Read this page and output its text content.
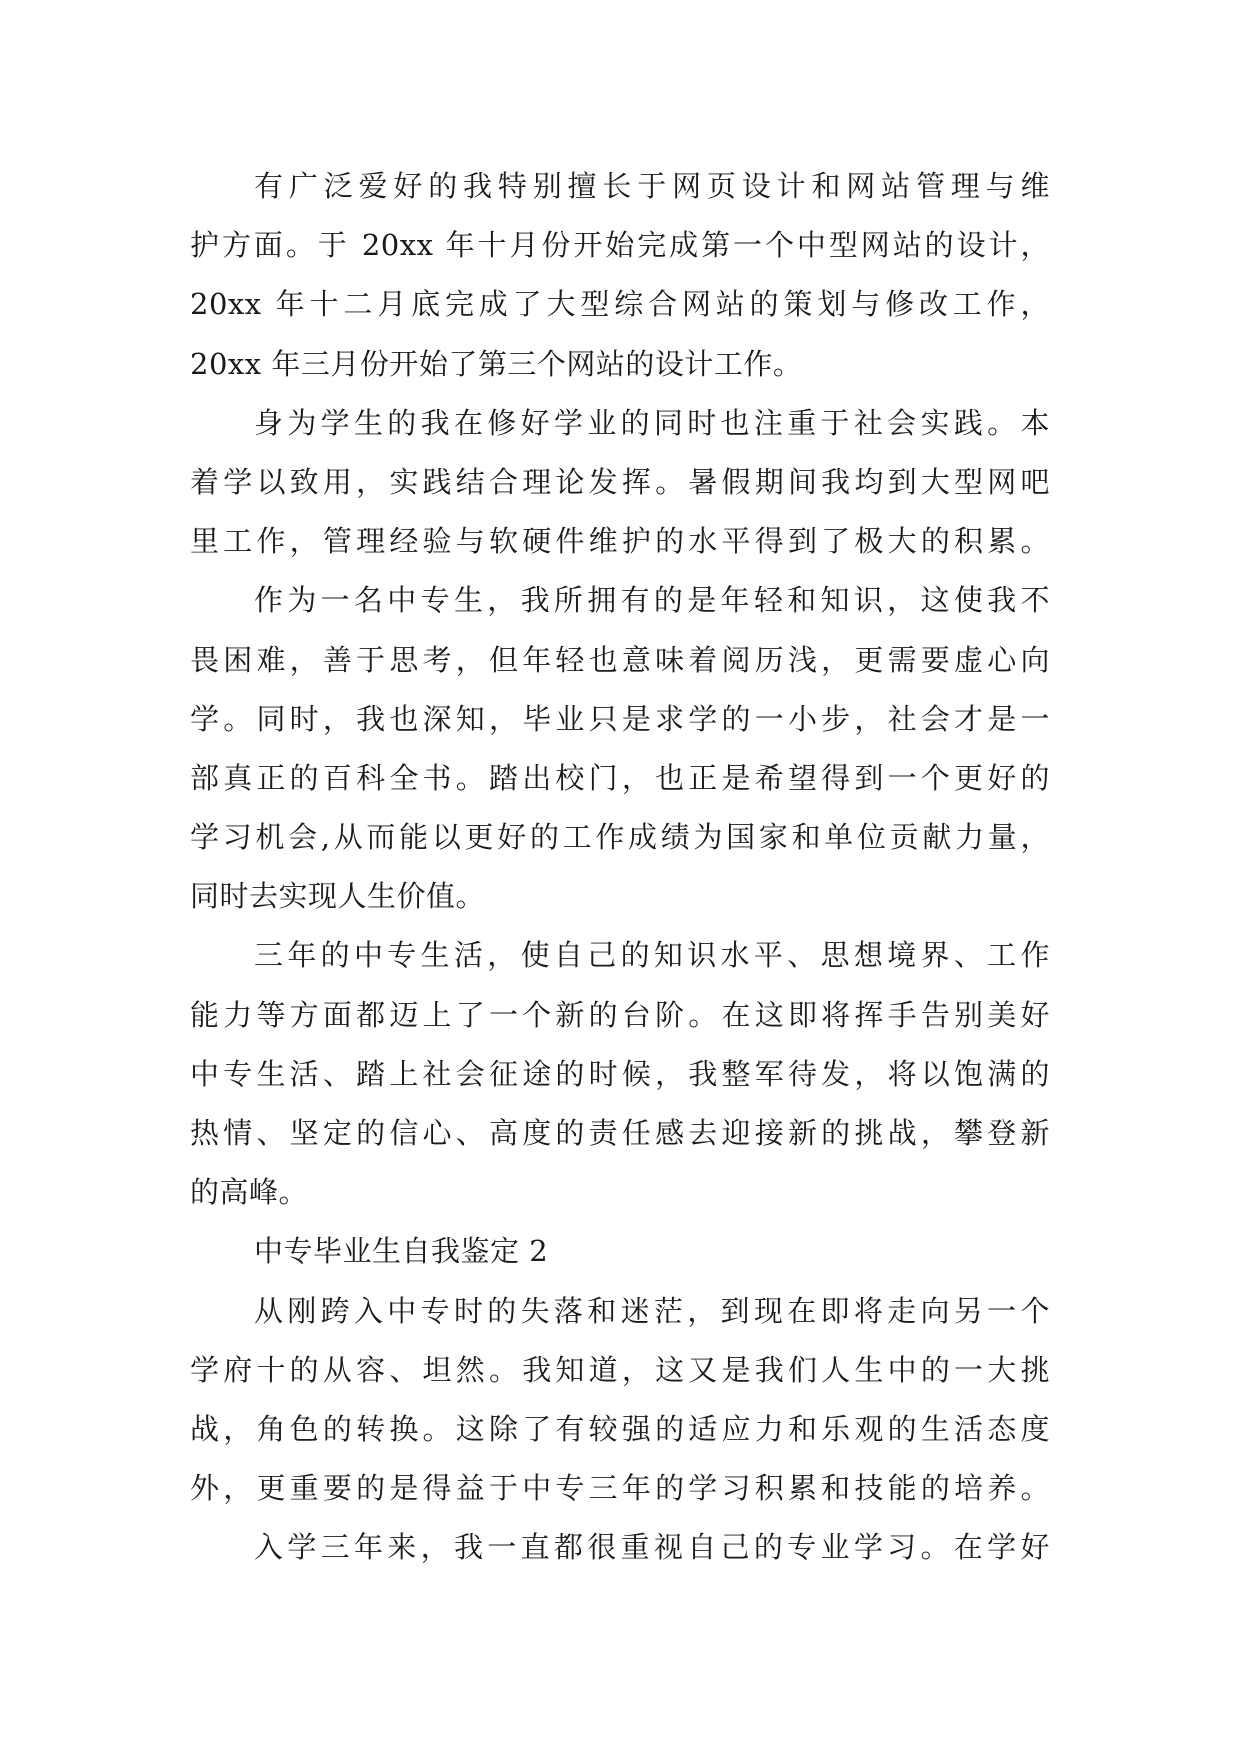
有广泛爱好的我特别擅长于网页设计和网站管理与维
护方面。于 20xx 年十月份开始完成第一个中型网站的设计，
20xx 年十二月底完成了大型综合网站的策划与修改工作，
20xx 年三月份开始了第三个网站的设计工作。
身为学生的我在修好学业的同时也注重于社会实践。本
着学以致用，实践结合理论发挥。暑假期间我均到大型网吧
里工作，管理经验与软硬件维护的水平得到了极大的积累。
作为一名中专生，我所拥有的是年轻和知识，这使我不
畏困难，善于思考，但年轻也意味着阅历浅，更需要虚心向
学。同时，我也深知，毕业只是求学的一小步，社会才是一
部真正的百科全书。踏出校门，也正是希望得到一个更好的
学习机会,从而能以更好的工作成绩为国家和单位贡献力量，
同时去实现人生价值。
三年的中专生活，使自己的知识水平、思想境界、工作
能力等方面都迈上了一个新的台阶。在这即将挥手告别美好
中专生活、踏上社会征途的时候，我整军待发，将以饱满的
热情、坚定的信心、高度的责任感去迎接新的挑战，攀登新
的高峰。
中专毕业生自我鉴定 2
从刚跨入中专时的失落和迷茫，到现在即将走向另一个
学府十的从容、坦然。我知道，这又是我们人生中的一大挑
战，角色的转换。这除了有较强的适应力和乐观的生活态度
外，更重要的是得益于中专三年的学习积累和技能的培养。
入学三年来，我一直都很重视自己的专业学习。在学好
